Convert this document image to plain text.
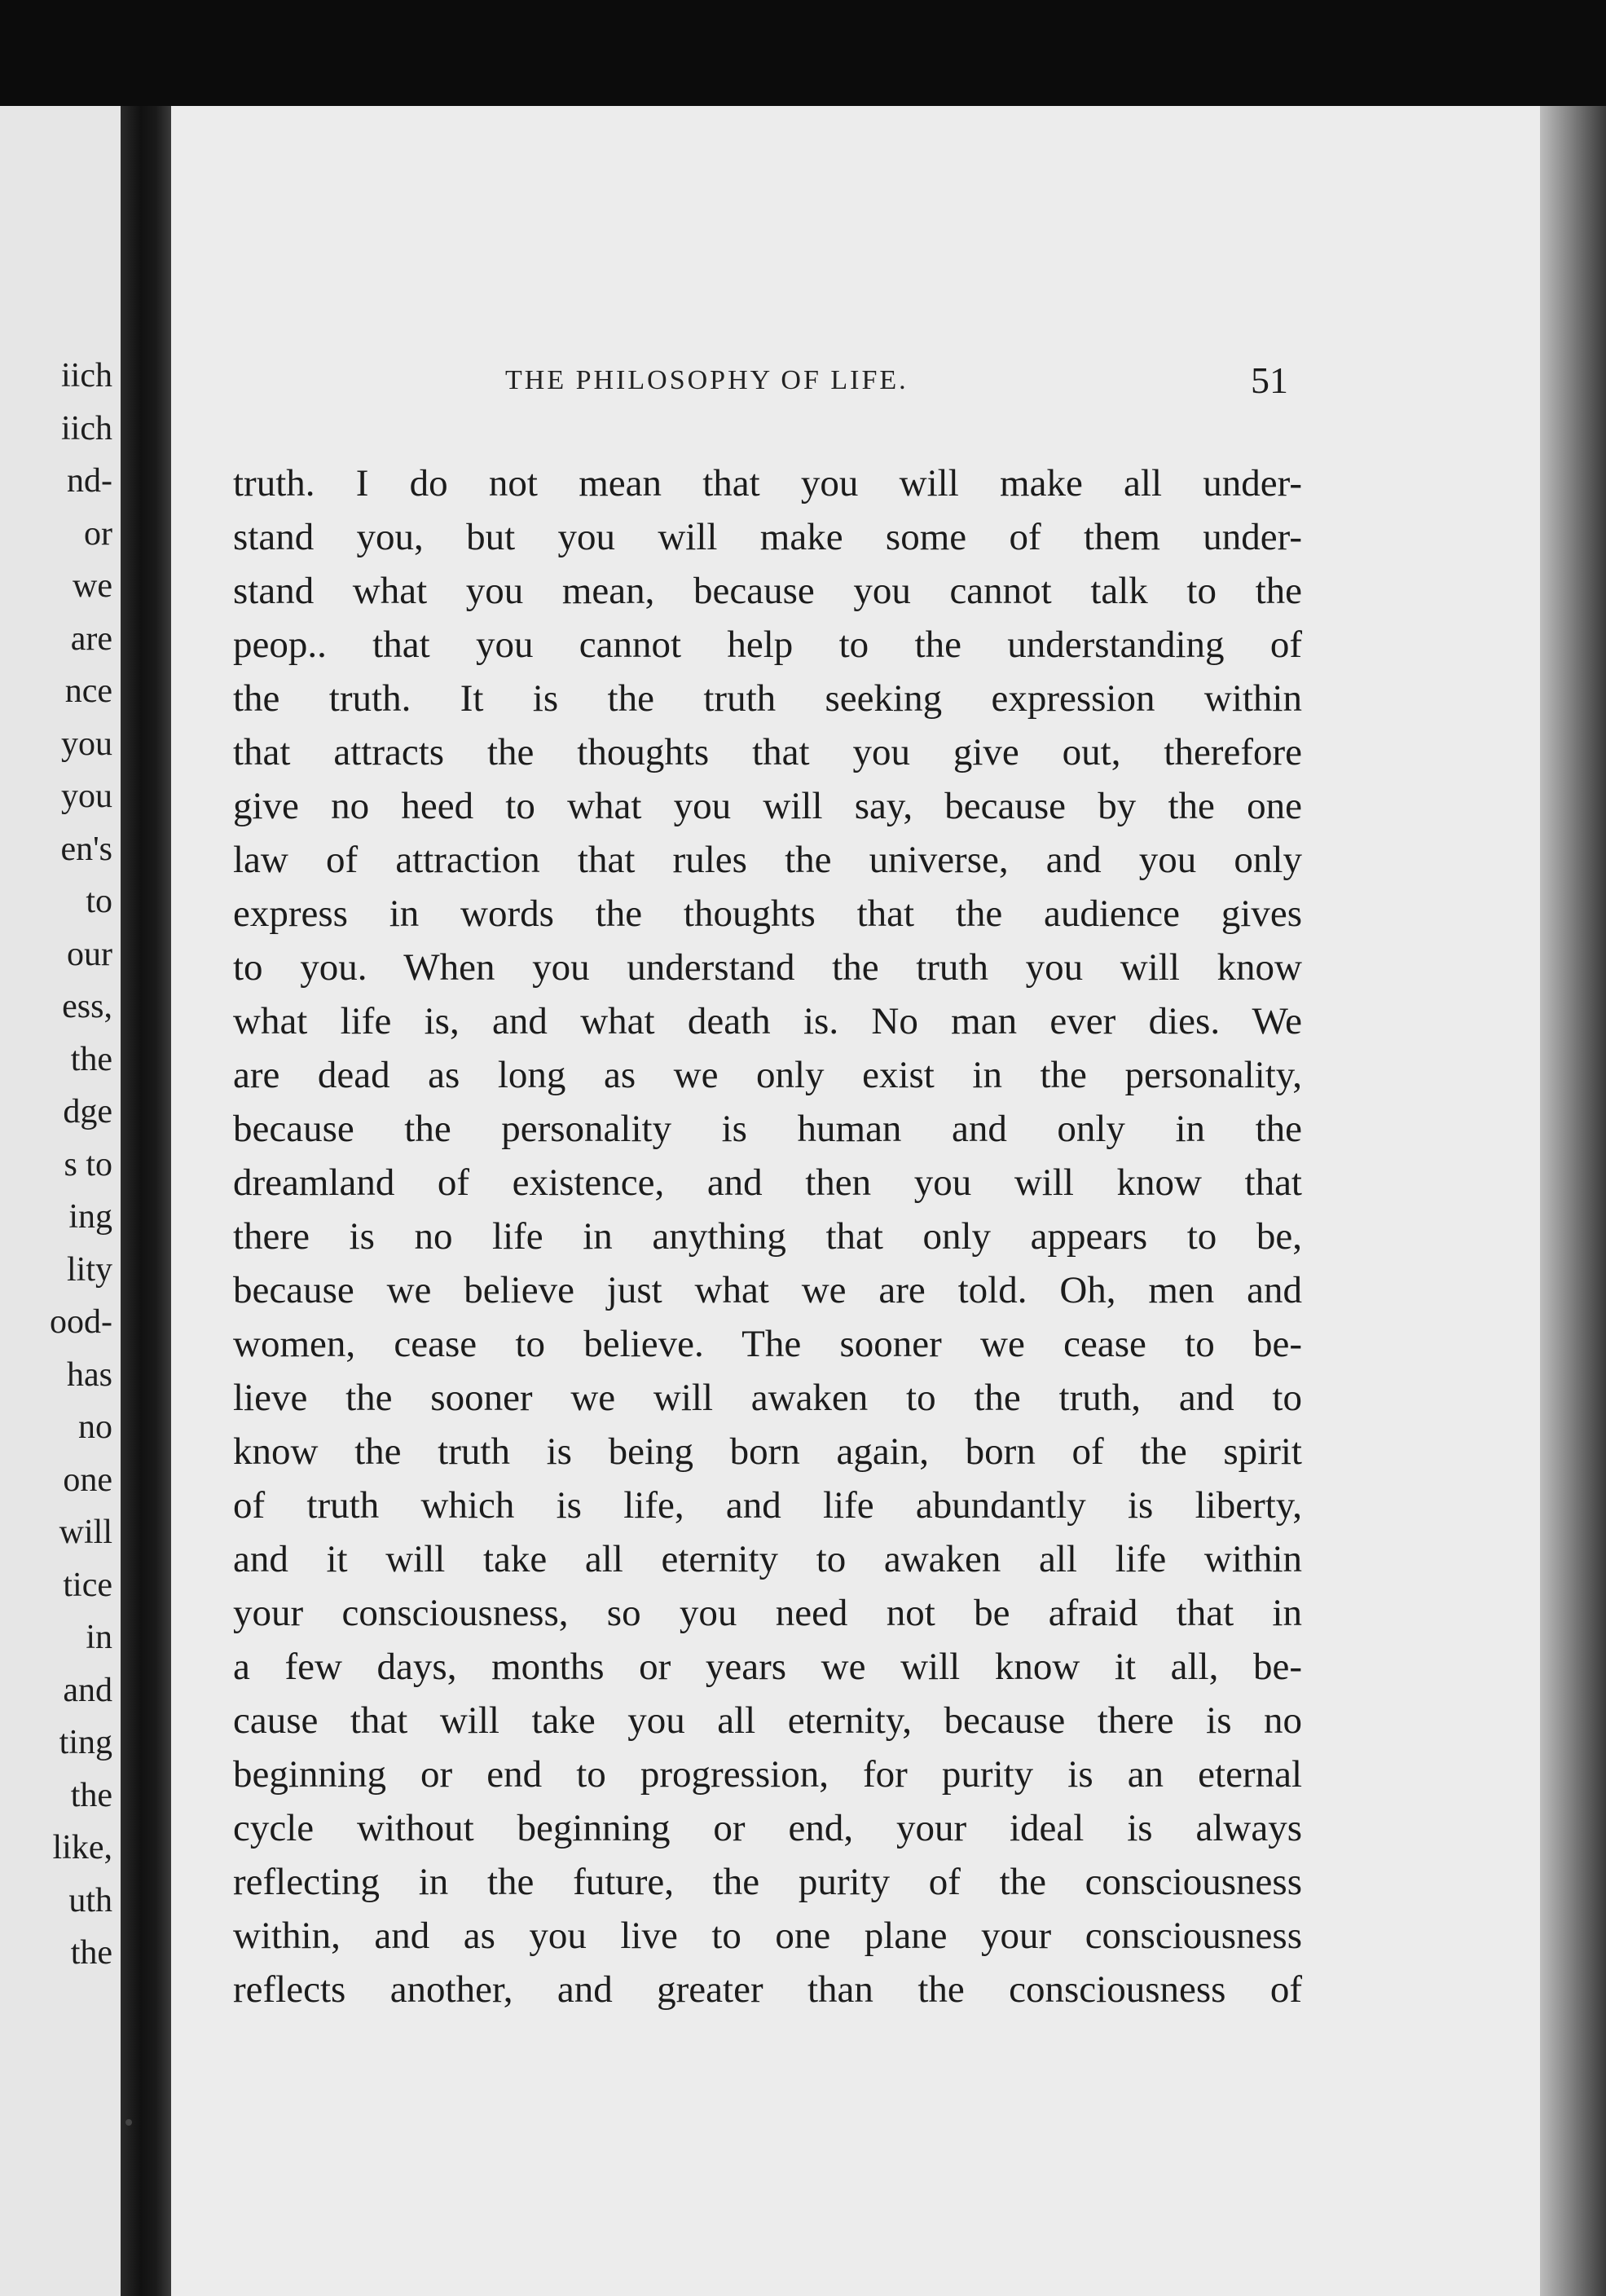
iich
iich
nd-
or
we
are
nce
you
you
en's
to
our
ess,
the
dge
s to
ing
lity
ood-
has
no
one
will
tice
in
and
ting
the
like,
uth
the
THE PHILOSOPHY OF LIFE.	51
truth. I do not mean that you will make all under-
stand you, but you will make some of them under-
stand what you mean, because you cannot talk to the
peop.. that you cannot help to the understanding of
the truth. It is the truth seeking expression within
that attracts the thoughts that you give out, therefore
give no heed to what you will say, because by the one
law of attraction that rules the universe, and you only
express in words the thoughts that the audience gives
to you. When you understand the truth you will know
what life is, and what death is. No man ever dies. We
are dead as long as we only exist in the personality,
because the personality is human and only in the
dreamland of existence, and then you will know that
there is no life in anything that only appears to be,
because we believe just what we are told. Oh, men and
women, cease to believe. The sooner we cease to be-
lieve the sooner we will awaken to the truth, and to
know the truth is being born again, born of the spirit
of truth which is life, and life abundantly is liberty,
and it will take all eternity to awaken all life within
your consciousness, so you need not be afraid that in
a few days, months or years we will know it all, be-
cause that will take you all eternity, because there is no
beginning or end to progression, for purity is an eternal
cycle without beginning or end, your ideal is always
reflecting in the future, the purity of the consciousness
within, and as you live to one plane your consciousness
reflects another, and greater than the consciousness of
